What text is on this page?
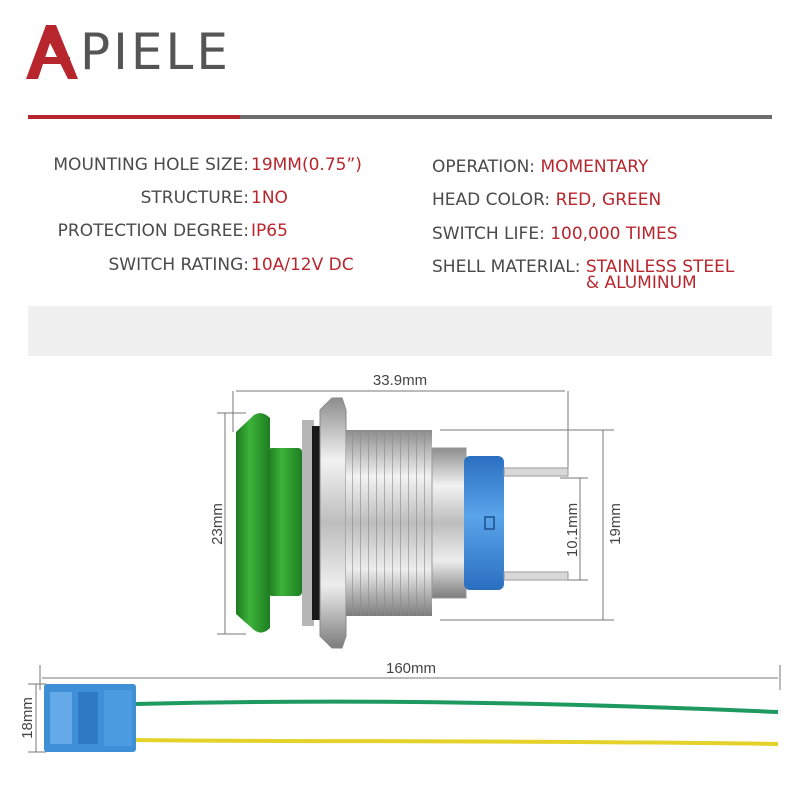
PIELE
MOUNTING HOLE SIZE: 19MM(0.75”)
STRUCTURE: 1NO
PROTECTION DEGREE: IP65
SWITCH RATING: 10A/12V DC
OPERATION: MOMENTARY
HEAD COLOR: RED, GREEN
SWITCH LIFE: 100,000 TIMES
SHELL MATERIAL: STAINLESS STEEL
& ALUMINUM
33.9mm
23mm	10.1mm 19mm
160mm
18mm
